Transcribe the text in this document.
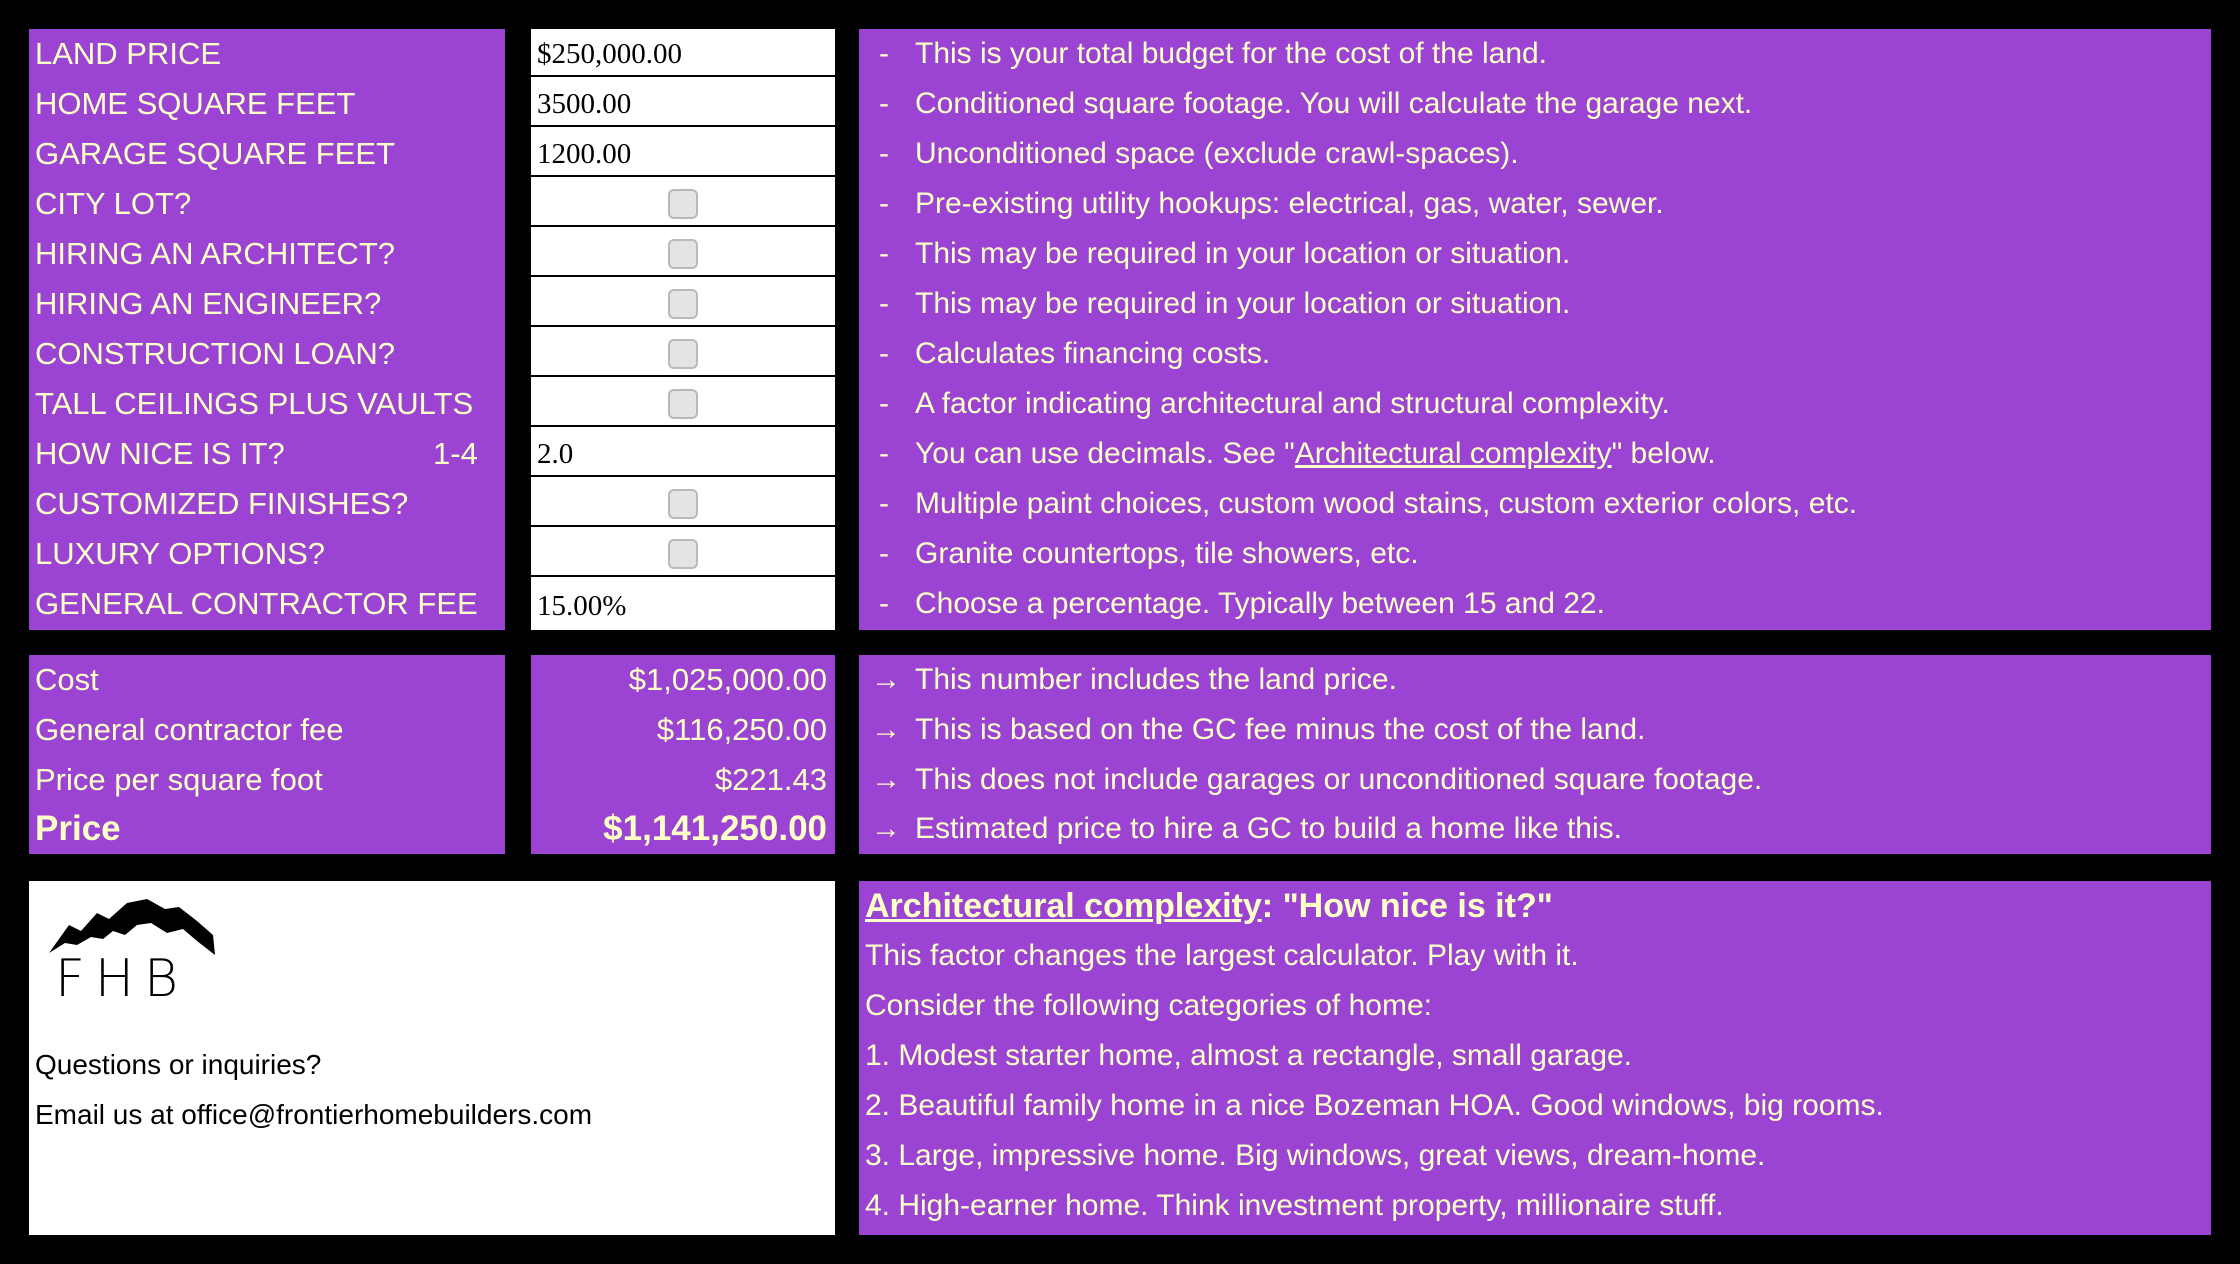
LAND PRICE
HOME SQUARE FEET
GARAGE SQUARE FEET
CITY LOT?
HIRING AN ARCHITECT?
HIRING AN ENGINEER?
CONSTRUCTION LOAN?
TALL CEILINGS PLUS VAULTS
HOW NICE IS IT?	1-4
CUSTOMIZED FINISHES?
LUXURY OPTIONS?
GENERAL CONTRACTOR FEE
$250,000.00
3500.00
1200.00
2.0
15.00%
- This is your total budget for the cost of the land.
- Conditioned square footage. You will calculate the garage next.
- Unconditioned space (exclude crawl-spaces).
- Pre-existing utility hookups: electrical, gas, water, sewer.
- This may be required in your location or situation.
- This may be required in your location or situation.
- Calculates financing costs.
- A factor indicating architectural and structural complexity.
- You can use decimals. See "Architectural complexity" below.
- Multiple paint choices, custom wood stains, custom exterior colors, etc.
- Granite countertops, tile showers, etc.
- Choose a percentage. Typically between 15 and 22.
Cost
General contractor fee
Price per square foot
Price
$1,025,000.00
$116,250.00
$221.43
$1,141,250.00
→ This number includes the land price.
→ This is based on the GC fee minus the cost of the land.
→ This does not include garages or unconditioned square footage.
→ Estimated price to hire a GC to build a home like this.
FHB
Questions or inquiries?
Email us at office@frontierhomebuilders.com
Architectural complexity : "How nice is it?"
This factor changes the largest calculator. Play with it.
Consider the following categories of home:
1. Modest starter home, almost a rectangle, small garage.
2. Beautiful family home in a nice Bozeman HOA. Good windows, big rooms.
3. Large, impressive home. Big windows, great views, dream-home.
4. High-earner home. Think investment property, millionaire stuff.
